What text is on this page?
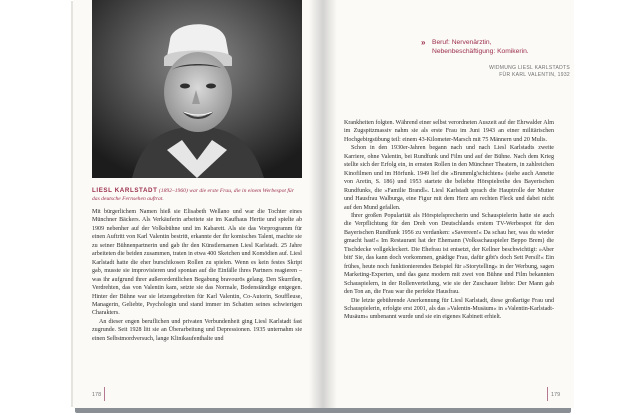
LIESL KARLSTADT (1892–1960) war die erste Frau, die in einem Werbespot für das deutsche Fernsehen auftrat.

Mit bürgerlichem Namen hieß sie Elisabeth Wellano und war die Tochter eines Münchner Bäckers. Als Verkäuferin arbeitete sie im Kaufhaus Hertie und spielte ab 1909 nebenher auf der Volksbühne und im Kabarett. Als sie das Vorprogramm für einen Auftritt von Karl Valentin bestritt, erkannte der ihr komisches Talent, machte sie zu seiner Bühnenpartnerin und gab ihr den Künstlernamen Liesl Karlstadt. 25 Jahre arbeiteten die beiden zusammen, traten in etwa 400 Sketchen und Komödien auf. Liesl Karlstadt hatte die eher burschikosen Rollen zu spielen. Wenn es kein festes Skript gab, musste sie improvisieren und spontan auf die Einfälle ihres Partners reagieren – was ihr aufgrund ihrer außerordentlichen Begabung bravourös gelang. Den Skurrilen, Verdrehten, das von Valentin kam, setzte sie das Normale, Bodenständige entgegen. Hinter der Bühne war sie letzengebreiten für Karl Valentin, Co-Autorin, Souffleuse, Managerin, Geliebte, Psychologin und stand immer im Schatten seines schwierigen Charakters.

An dieser engen beruflichen und privaten Verbundenheit ging Liesl Karlstadt fast zugrunde. Seit 1928 litt sie an Überarbeitung und Depressionen. 1935 unternahm sie einen Selbstmordversuch, lange Klinikaufenthalte und

» Beruf: Nervenärztin,
Nebenbeschäftigung: Komikerin.
WIDMUNG LIESL KARLSTADTS
FÜR KARL VALENTIN, 1932

Krankheiten folgten. Während einer selbst verordneten Auszeit auf der Ehrwalder Alm im Zugspitzmassiv nahm sie als erste Frau im Juni 1943 an einer militärischen Hochgebirgsübung teil: einem 43-Kilometer-Marsch mit 75 Männern und 20 Mulis.

Schon in den 1930er-Jahren begann nach und nach Liesl Karlstadts zweite Karriere, ohne Valentin, bei Rundfunk und Film und auf der Bühne. Nach dem Krieg stellte sich der Erfolg ein, in ernsten Rollen in den Münchner Theatern, in zahlreichen Kinofilmen und im Hörfunk. 1949 lief die »Brummlg'schichten« (siehe auch Annette von Aretin, S. 186) und 1953 startete die beliebte Hörspielreihe des Bayerischen Rundfunks, die »Familie Brandl«. Liesl Karlstadt sprach die Hauptrolle der Mutter und Hausfrau Walburga, eine Figur mit dem Herz am rechten Fleck und dabei nicht auf den Mund gefallen.

Ihrer großen Popularität als Hörspielsprecherin und Schauspielerin hatte sie auch die Verpflichtung für den Dreh von Deutschlands erstem TV-Werbespot für den Bayerischen Rundfunk 1956 zu verdanken: »Savereen!« Da schau her, was du wieder gmacht hast!« Im Restaurant hat der Ehemann (Volksschauspieler Beppo Brem) die Tischdecke vollgekleckert. Die Ehefrau ist entsetzt, der Kellner beschwichtigt: »Aber bitt' Sie, das kann doch vorkommen, gnädige Frau, dafür gibt's doch Sett Persil!« Ein frühes, heute noch funktionierendes Beispiel für »Storytelling« in der Werbung, sagen Marketing-Experten, und das ganz modern mit zwei von Bühne und Film bekannten Schauspielern, in der Rollenverteilung, wie sie der Zuschauer liebte: Der Mann gab den Ton an, die Frau war die perfekte Hausfrau.

Die letzte gebührende Anerkennung für Liesl Karlstadt, diese großartige Frau und Schauspielerin, erfolgte erst 2001, als das »Valentin-Musäum« in »Valentin-Karlstadt-Musäum« umbenannt wurde und sie ein eigenes Kabinett erhielt.

178	179
